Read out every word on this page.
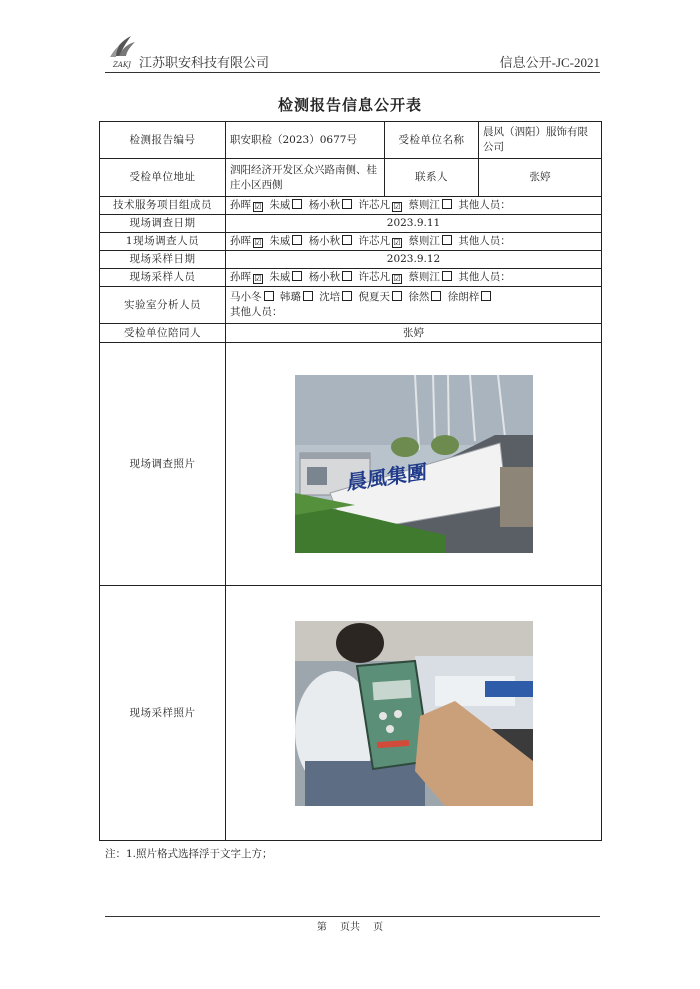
ZAKJ 江苏职安科技有限公司	信息公开-JC-2021
检测报告信息公开表
检测报告编号	职安职检（2023）0677号	受检单位名称	晨风（泗阳）服饰有限公司
受检单位地址	泗阳经济开发区众兴路南侧、桂庄小区西侧	联系人	张婷
技术服务项目组成员	孙晖 ☑ 朱威 杨小秋 许芯凡 ☑ 蔡则江 其他人员：		
现场调查日期	2023.9.11		
1现场调查人员	孙晖 ☑ 朱威 杨小秋 许芯凡 ☑ 蔡则江 其他人员：		
现场采样日期	2023.9.12		
现场采样人员	孙晖 ☑ 朱威 杨小秋 许芯凡 ☑ 蔡则江 其他人员：		
实验室分析人员	马小冬 韩璐 沈培 倪夏天 徐然 徐朗梓
其他人员：		
受检单位陪同人	张婷		
现场调查照片	晨風集團		

现场采样照片	
注：1.照片格式选择浮于文字上方；
第 页共 页
